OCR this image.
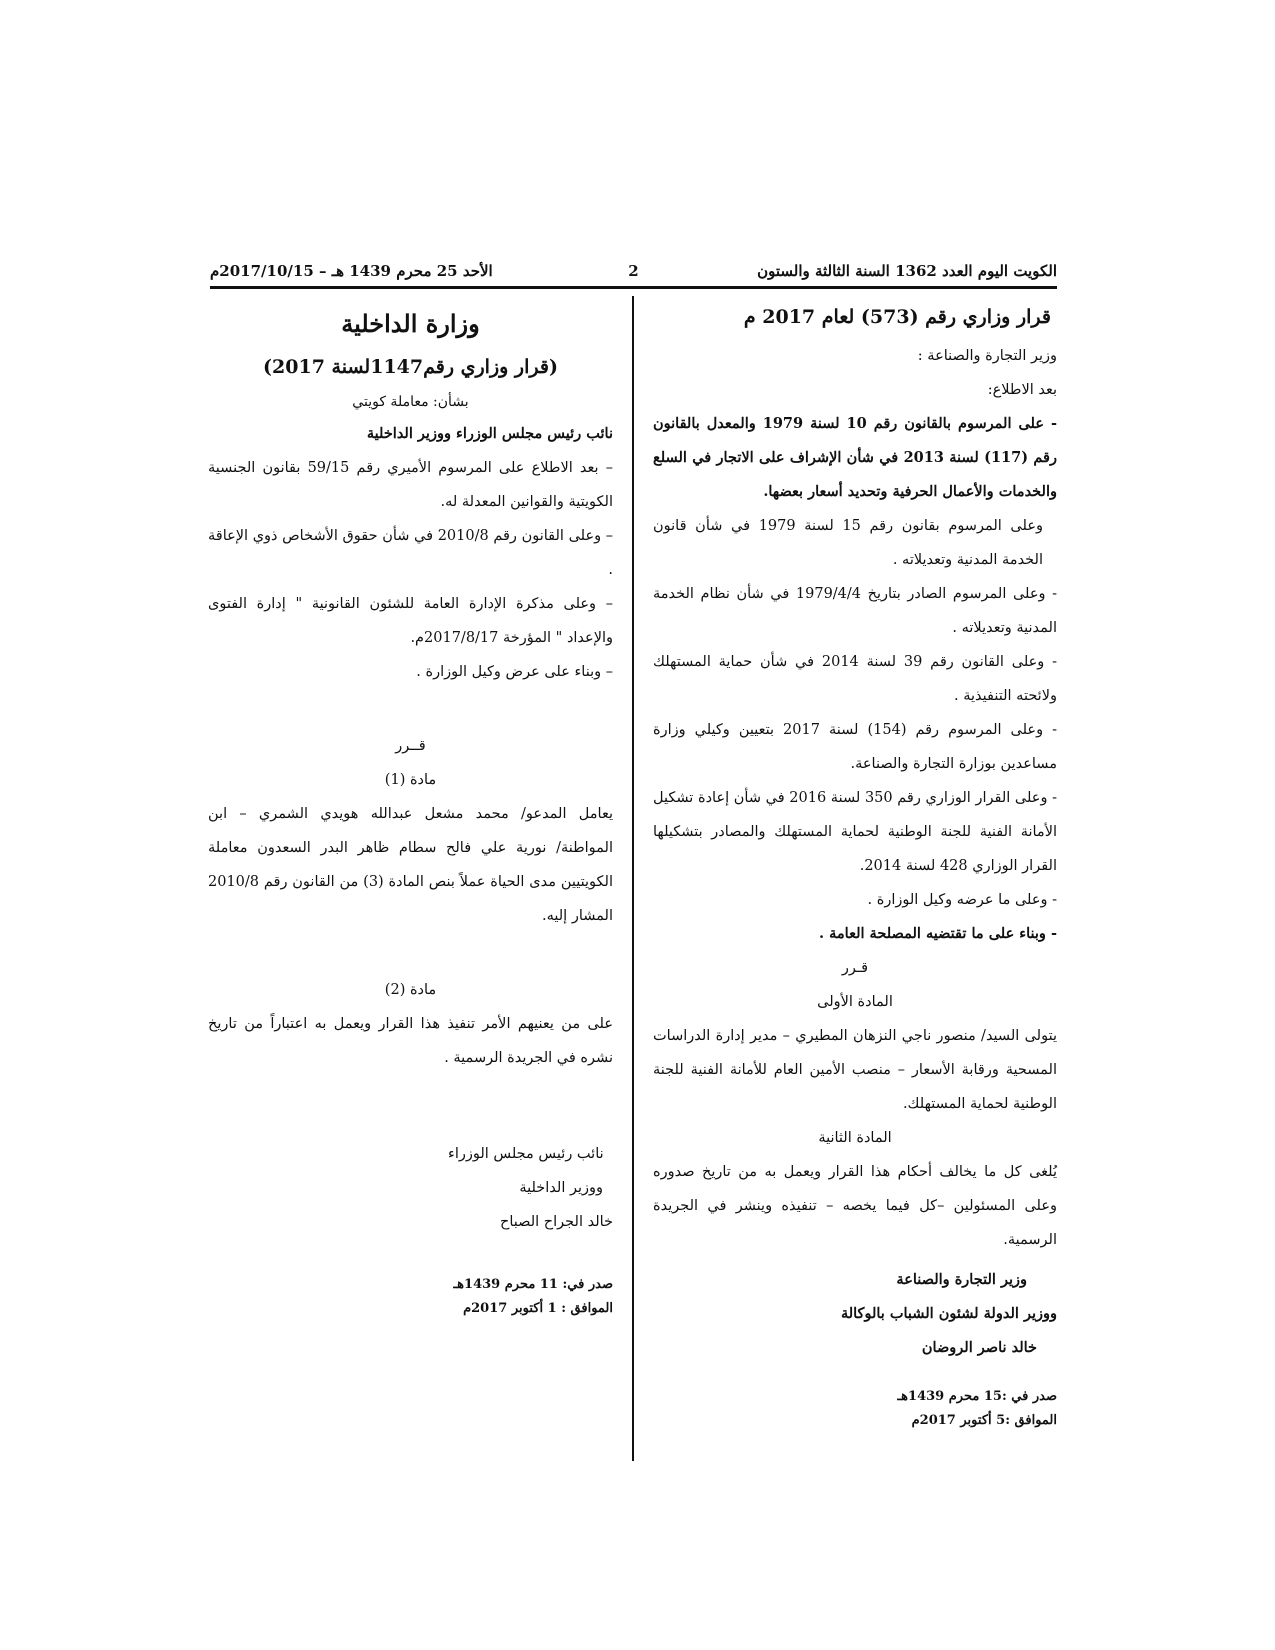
الكويت اليوم العدد 1362 السنة الثالثة والستون
2
الأحد 25 محرم 1439 هـ – 2017/10/15م

قرار وزاري رقم (573) لعام 2017 م

وزير التجارة والصناعة :

بعد الاطلاع:

- على المرسوم بالقانون رقم 10 لسنة 1979 والمعدل بالقانون رقم (117) لسنة 2013 في شأن الإشراف على الاتجار في السلع والخدمات والأعمال الحرفية وتحديد أسعار بعضها.

وعلى المرسوم بقانون رقم 15 لسنة 1979 في شأن قانون الخدمة المدنية وتعديلاته .

- وعلى المرسوم الصادر بتاريخ 1979/4/4 في شأن نظام الخدمة المدنية وتعديلاته .

- وعلى القانون رقم 39 لسنة 2014 في شأن حماية المستهلك ولائحته التنفيذية .

- وعلى المرسوم رقم (154) لسنة 2017 بتعيين وكيلي وزارة مساعدين بوزارة التجارة والصناعة.

- وعلى القرار الوزاري رقم 350 لسنة 2016 في شأن إعادة تشكيل الأمانة الفنية للجنة الوطنية لحماية المستهلك والمصادر بتشكيلها القرار الوزاري 428 لسنة 2014.

- وعلى ما عرضه وكيل الوزارة .

- وبناء على ما تقتضيه المصلحة العامة .

قـرر

المادة الأولى

يتولى السيد/ منصور ناجي النزهان المطيري – مدير إدارة الدراسات المسحية ورقابة الأسعار – منصب الأمين العام للأمانة الفنية للجنة الوطنية لحماية المستهلك.

المادة الثانية

يُلغى كل ما يخالف أحكام هذا القرار ويعمل به من تاريخ صدوره وعلى المسئولين –كل فيما يخصه – تنفيذه وينشر في الجريدة الرسمية.

وزير التجارة والصناعة

ووزير الدولة لشئون الشباب بالوكالة

خالد ناصر الروضان

صدر في :15 محرم 1439هـ

الموافق :5 أكتوبر 2017م

وزارة الداخلية

(قرار وزاري رقم1147لسنة 2017)

بشأن: معاملة كويتي

نائب رئيس مجلس الوزراء ووزير الداخلية

– بعد الاطلاع على المرسوم الأميري رقم 59/15 بقانون الجنسية الكويتية والقوانين المعدلة له.

– وعلى القانون رقم 2010/8 في شأن حقوق الأشخاص ذوي الإعاقة .

– وعلى مذكرة الإدارة العامة للشئون القانونية " إدارة الفتوى والإعداد " المؤرخة 2017/8/17م.

– وبناء على عرض وكيل الوزارة .

قــرر

مادة (1)

يعامل المدعو/ محمد مشعل عبدالله هويدي الشمري – ابن المواطنة/ نورية علي فالح سطام ظاهر البدر السعدون معاملة الكويتيين مدى الحياة عملاً بنص المادة (3) من القانون رقم 2010/8 المشار إليه.

مادة (2)

على من يعنيهم الأمر تنفيذ هذا القرار ويعمل به اعتباراً من تاريخ نشره في الجريدة الرسمية .

نائب رئيس مجلس الوزراء

ووزير الداخلية

خالد الجراح الصباح

صدر في: 11 محرم 1439هـ

الموافق : 1 أكتوبر 2017م
